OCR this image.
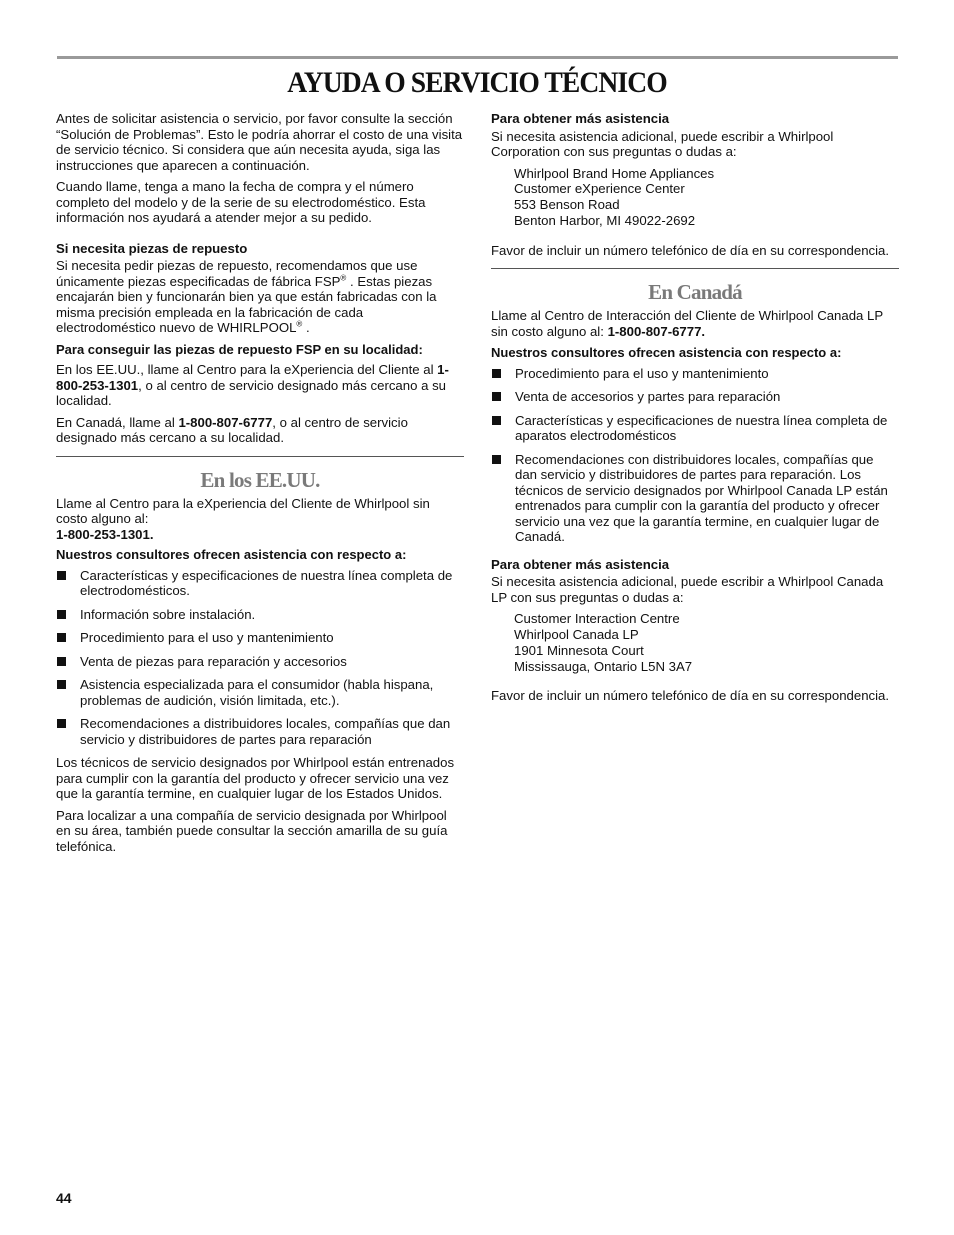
AYUDA O SERVICIO TÉCNICO

Antes de solicitar asistencia o servicio, por favor consulte la sección “Solución de Problemas”. Esto le podría ahorrar el costo de una visita de servicio técnico. Si considera que aún necesita ayuda, siga las instrucciones que aparecen a continuación.

Cuando llame, tenga a mano la fecha de compra y el número completo del modelo y de la serie de su electrodoméstico. Esta información nos ayudará a atender mejor a su pedido.

Si necesita piezas de repuesto

Si necesita pedir piezas de repuesto, recomendamos que use únicamente piezas especificadas de fábrica FSP® . Estas piezas encajarán bien y funcionarán bien ya que están fabricadas con la misma precisión empleada en la fabricación de cada electrodoméstico nuevo de WHIRLPOOL® .

Para conseguir las piezas de repuesto FSP en su localidad:

En los EE.UU., llame al Centro para la eXperiencia del Cliente al 1-800-253-1301, o al centro de servicio designado más cercano a su localidad.

En Canadá, llame al 1-800-807-6777, o al centro de servicio designado más cercano a su localidad.

En los EE.UU.

Llame al Centro para la eXperiencia del Cliente de Whirlpool sin costo alguno al:

1-800-253-1301.

Nuestros consultores ofrecen asistencia con respecto a:

Características y especificaciones de nuestra línea completa de electrodomésticos.
Información sobre instalación.
Procedimiento para el uso y mantenimiento
Venta de piezas para reparación y accesorios
Asistencia especializada para el consumidor (habla hispana, problemas de audición, visión limitada, etc.).
Recomendaciones a distribuidores locales, compañías que dan servicio y distribuidores de partes para reparación

Los técnicos de servicio designados por Whirlpool están entrenados para cumplir con la garantía del producto y ofrecer servicio una vez que la garantía termine, en cualquier lugar de los Estados Unidos.

Para localizar a una compañía de servicio designada por Whirlpool en su área, también puede consultar la sección amarilla de su guía telefónica.

Para obtener más asistencia

Si necesita asistencia adicional, puede escribir a Whirlpool Corporation con sus preguntas o dudas a:

Whirlpool Brand Home Appliances
Customer eXperience Center
553 Benson Road
Benton Harbor, MI 49022-2692

Favor de incluir un número telefónico de día en su correspondencia.

En Canadá

Llame al Centro de Interacción del Cliente de Whirlpool Canada LP sin costo alguno al: 1-800-807-6777.

Nuestros consultores ofrecen asistencia con respecto a:

Procedimiento para el uso y mantenimiento
Venta de accesorios y partes para reparación
Características y especificaciones de nuestra línea completa de aparatos electrodomésticos
Recomendaciones con distribuidores locales, compañías que dan servicio y distribuidores de partes para reparación. Los técnicos de servicio designados por Whirlpool Canada LP están entrenados para cumplir con la garantía del producto y ofrecer servicio una vez que la garantía termine, en cualquier lugar de Canadá.

Para obtener más asistencia

Si necesita asistencia adicional, puede escribir a Whirlpool Canada LP con sus preguntas o dudas a:

Customer Interaction Centre
Whirlpool Canada LP
1901 Minnesota Court
Mississauga, Ontario L5N 3A7

Favor de incluir un número telefónico de día en su correspondencia.

44
